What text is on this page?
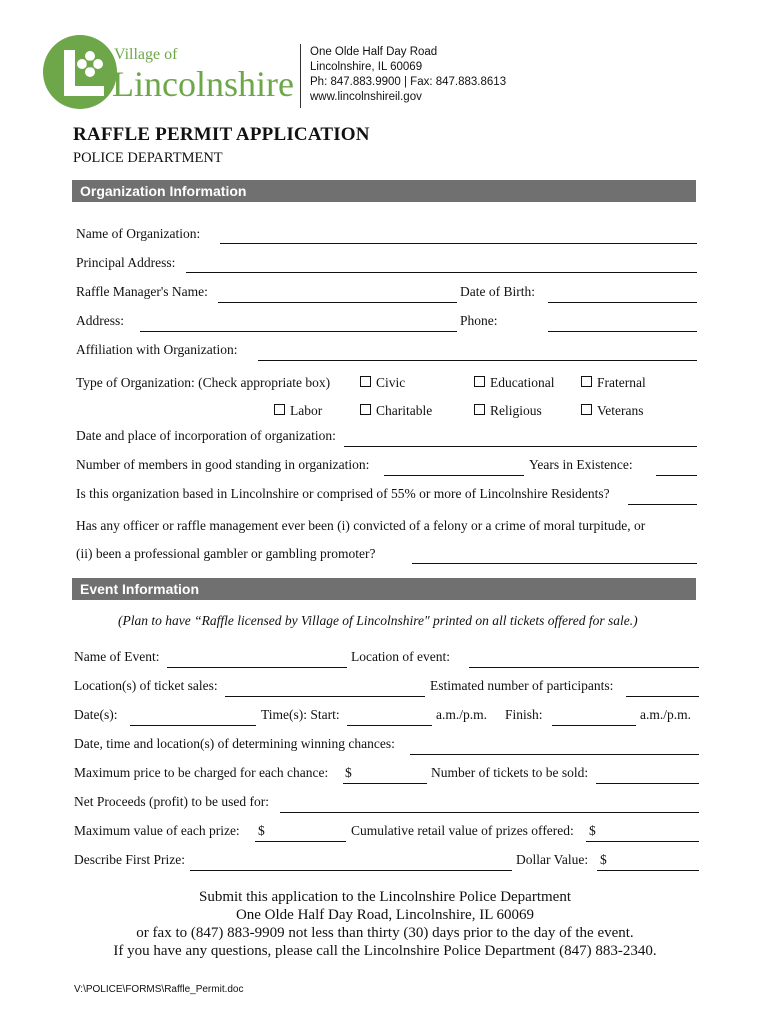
Village of
Lincolnshire
One Olde Half Day Road
Lincolnshire, IL 60069
Ph: 847.883.9900 | Fax: 847.883.8613
www.lincolnshireil.gov
RAFFLE PERMIT APPLICATION
POLICE DEPARTMENT
Organization Information
Name of Organization:
Principal Address:
Raffle Manager's Name:	Date of Birth:
Address:	Phone:
Affiliation with Organization:
Type of Organization: (Check appropriate box)	Civic	Educational	Fraternal
Labor	Charitable	Religious	Veterans
Date and place of incorporation of organization:
Number of members in good standing in organization:	Years in Existence:
Is this organization based in Lincolnshire or comprised of 55% or more of Lincolnshire Residents?
Has any officer or raffle management ever been (i) convicted of a felony or a crime of moral turpitude, or
(ii) been a professional gambler or gambling promoter?
Event Information
(Plan to have “Raffle licensed by Village of Lincolnshire" printed on all tickets offered for sale.)
Name of Event:	Location of event:
Location(s) of ticket sales:	Estimated number of participants:
Date(s):	Time(s): Start:	a.m./p.m. Finish:	a.m./p.m.
Date, time and location(s) of determining winning chances:
Maximum price to be charged for each chance: $	Number of tickets to be sold:
Net Proceeds (profit) to be used for:
Maximum value of each prize: $	Cumulative retail value of prizes offered: $
Describe First Prize:	Dollar Value: $
Submit this application to the Lincolnshire Police Department
One Olde Half Day Road, Lincolnshire, IL 60069
or fax to (847) 883-9909 not less than thirty (30) days prior to the day of the event.
If you have any questions, please call the Lincolnshire Police Department (847) 883-2340.
V:\POLICE\FORMS\Raffle_Permit.doc
